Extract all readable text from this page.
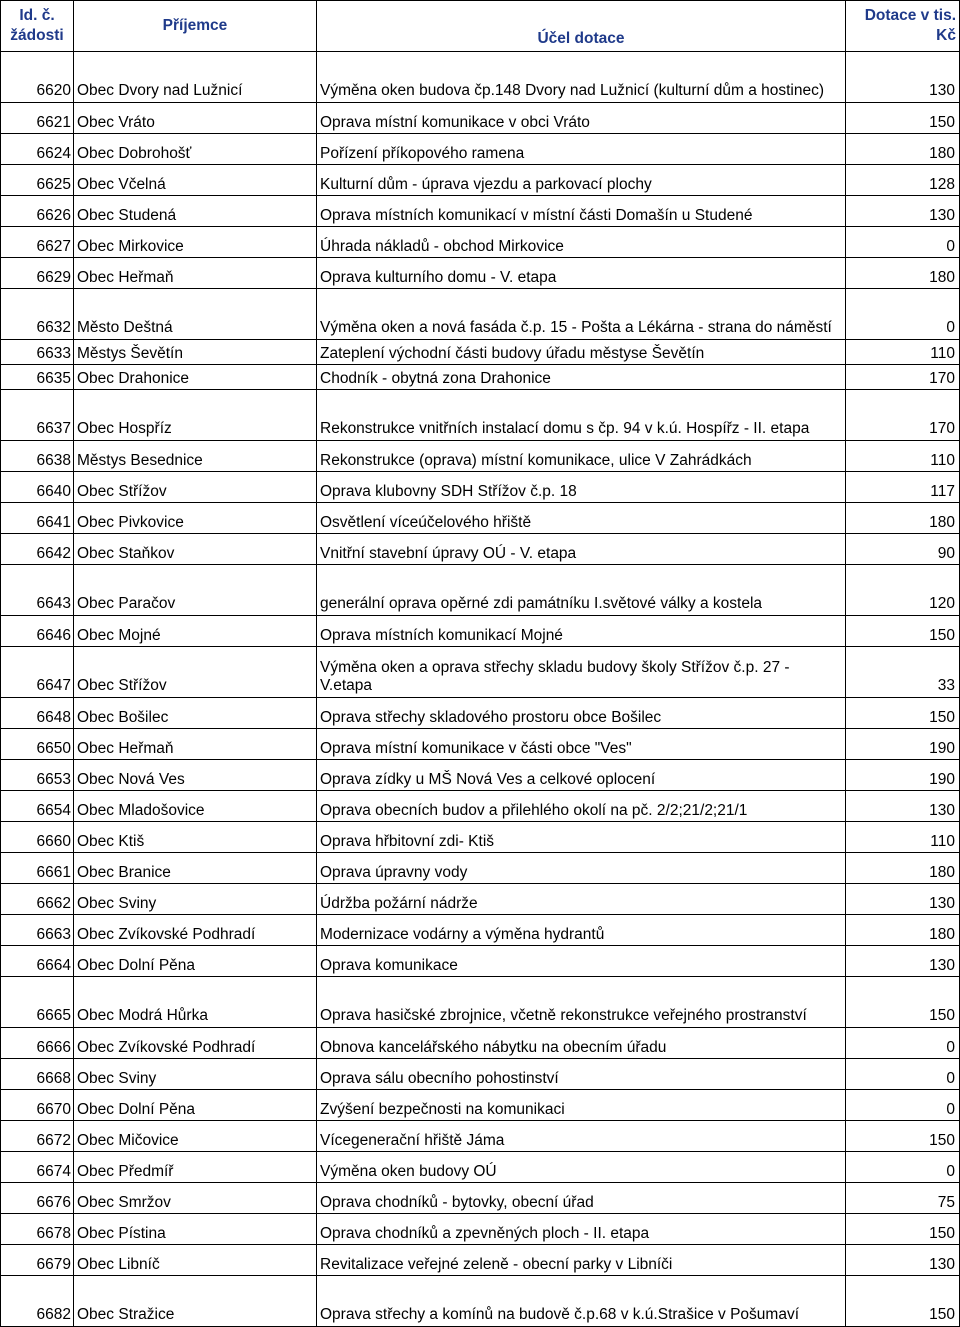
Id. č. žádosti	Příjemce	Účel dotace	Dotace v tis. Kč
6620	Obec Dvory nad Lužnicí	Výměna oken budova čp.148 Dvory nad Lužnicí (kulturní dům a hostinec)	130
6621	Obec Vráto	Oprava místní komunikace v obci Vráto	150
6624	Obec Dobrohošť	Pořízení příkopového ramena	180
6625	Obec Včelná	Kulturní dům - úprava vjezdu a parkovací plochy	128
6626	Obec Studená	Oprava místních komunikací v místní části Domašín u Studené	130
6627	Obec Mirkovice	Úhrada nákladů - obchod Mirkovice	0
6629	Obec Heřmaň	Oprava kulturního domu - V. etapa	180
6632	Město Deštná	Výměna oken a nová fasáda č.p. 15 - Pošta a Lékárna - strana do náměstí	0
6633	Městys Ševětín	Zateplení východní části budovy úřadu městyse Ševětín	110
6635	Obec Drahonice	Chodník - obytná zona Drahonice	170
6637	Obec Hospříz	Rekonstrukce vnitřních instalací domu s čp. 94 v k.ú. Hospířz - II. etapa	170
6638	Městys Besednice	Rekonstrukce (oprava) místní komunikace, ulice V Zahrádkách	110
6640	Obec Střížov	Oprava klubovny SDH Střížov č.p. 18	117
6641	Obec Pivkovice	Osvětlení víceúčelového hřiště	180
6642	Obec Staňkov	Vnitřní stavební úpravy OÚ - V. etapa	90
6643	Obec Paračov	generální oprava opěrné zdi památníku I.světové války a kostela	120
6646	Obec Mojné	Oprava místních komunikací Mojné	150
6647	Obec Střížov	Výměna oken a oprava střechy skladu budovy školy Střížov č.p. 27 - V.etapa	33
6648	Obec Bošilec	Oprava střechy skladového prostoru obce Bošilec	150
6650	Obec Heřmaň	Oprava místní komunikace v části obce "Ves"	190
6653	Obec Nová Ves	Oprava zídky u MŠ Nová Ves a celkové oplocení	190
6654	Obec Mladošovice	Oprava obecních budov a přilehlého okolí na pč. 2/2;21/2;21/1	130
6660	Obec Ktiš	Oprava hřbitovní zdi- Ktiš	110
6661	Obec Branice	Oprava úpravny vody	180
6662	Obec Sviny	Údržba požární nádrže	130
6663	Obec Zvíkovské Podhradí	Modernizace vodárny a výměna hydrantů	180
6664	Obec Dolní Pěna	Oprava komunikace	130
6665	Obec Modrá Hůrka	Oprava hasičské zbrojnice, včetně rekonstrukce veřejného prostranství	150
6666	Obec Zvíkovské Podhradí	Obnova kancelářského nábytku na obecním úřadu	0
6668	Obec Sviny	Oprava sálu obecního pohostinství	0
6670	Obec Dolní Pěna	Zvýšení bezpečnosti na komunikaci	0
6672	Obec Mičovice	Vícegenerační hřiště Jáma	150
6674	Obec Předmíř	Výměna oken budovy OÚ	0
6676	Obec Smržov	Oprava chodníků - bytovky, obecní úřad	75
6678	Obec Pístina	Oprava chodníků a zpevněných ploch - II. etapa	150
6679	Obec Libníč	Revitalizace veřejné zeleně - obecní parky v Libníči	130
6682	Obec Stražice	Oprava střechy a komínů na budově č.p.68 v k.ú.Strašice v Pošumaví	150
